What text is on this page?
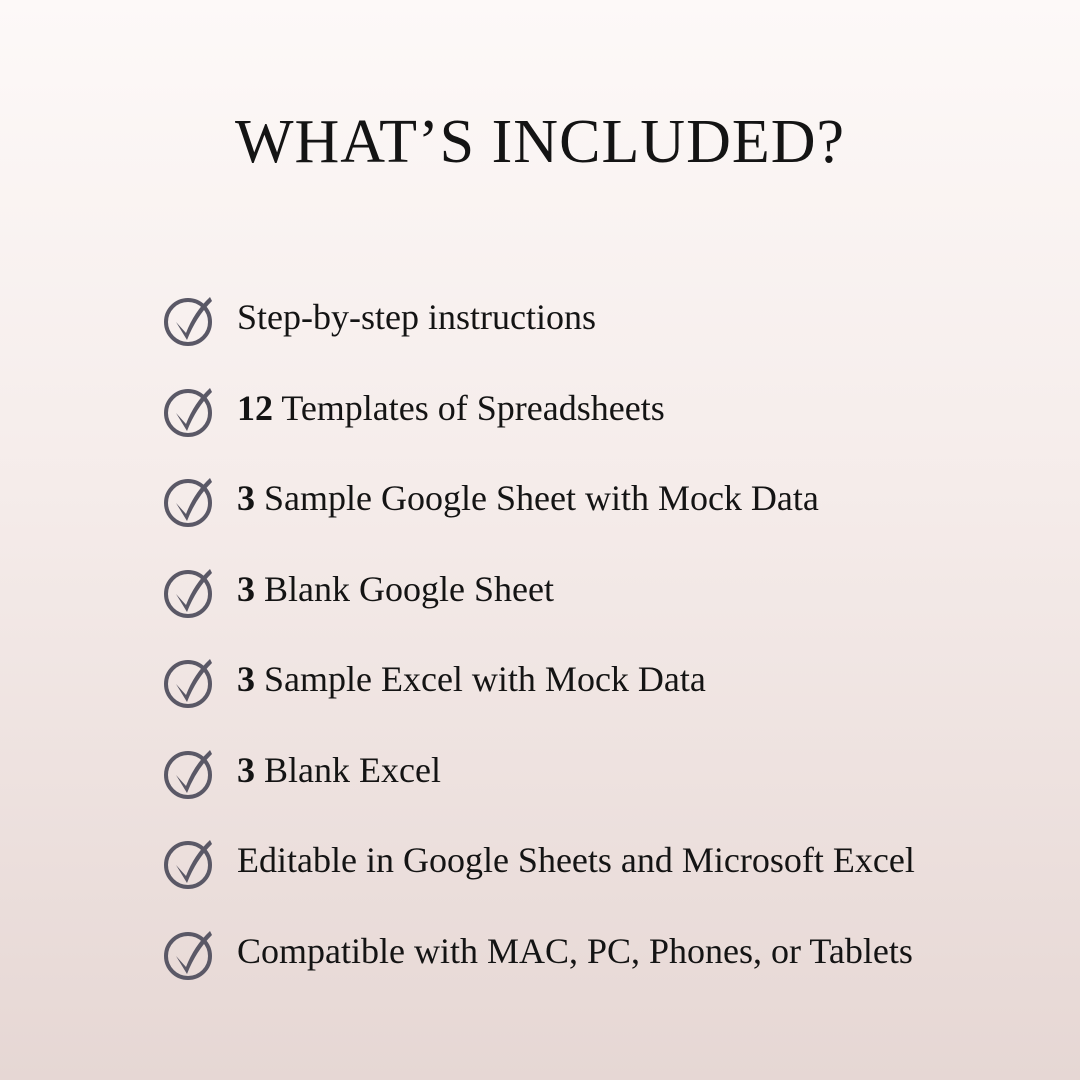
WHAT’S INCLUDED?
Step-by-step instructions
12 Templates of Spreadsheets
3 Sample Google Sheet with Mock Data
3 Blank Google Sheet
3 Sample Excel with Mock Data
3 Blank Excel
Editable in Google Sheets and Microsoft Excel
Compatible with MAC, PC, Phones, or Tablets
